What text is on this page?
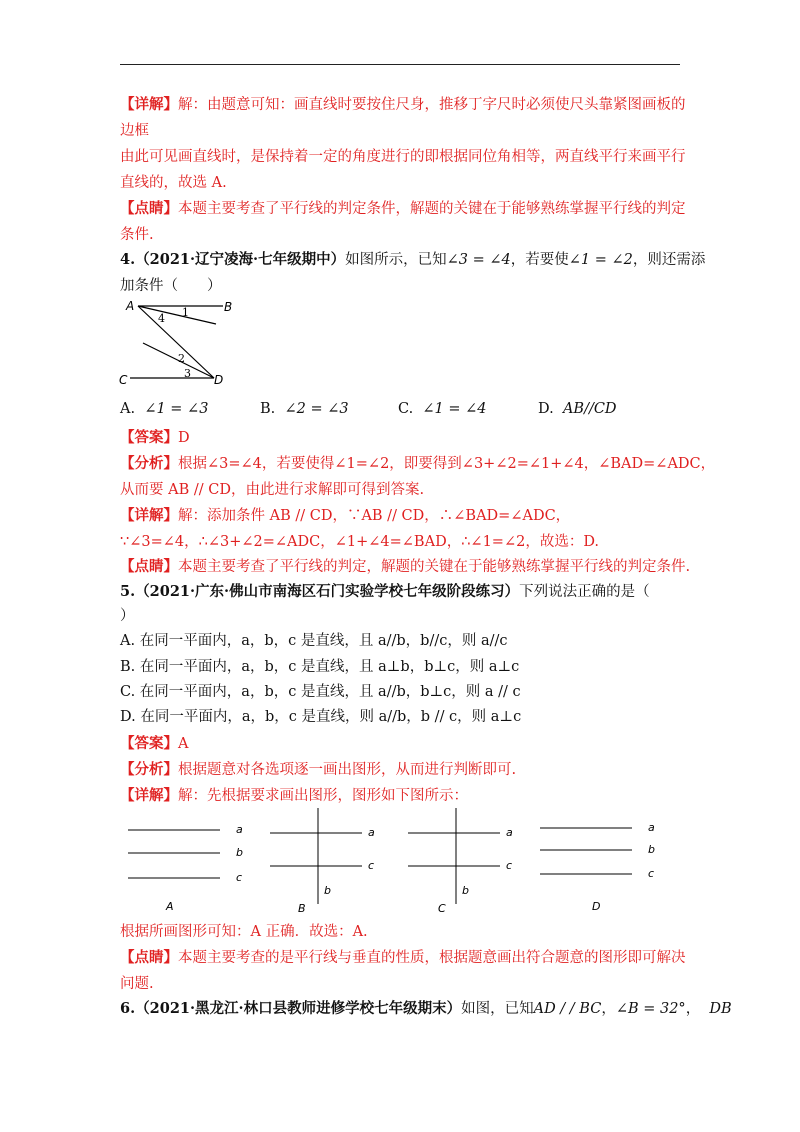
【详解】解：由题意可知：画直线时要按住尺身，推移丁字尺时必须使尺头靠紧图画板的
边框
由此可见画直线时，是保持着一定的角度进行的即根据同位角相等，两直线平行来画平行
直线的，故选 A.
【点睛】本题主要考查了平行线的判定条件，解题的关键在于能够熟练掌握平行线的判定
条件.
4.（2021·辽宁凌海·七年级期中）如图所示，已知∠3 = ∠4，若要使∠1 = ∠2，则还需添
加条件（　　）
A	B
C	D
1
4
2
3
A. ∠1 = ∠3	B. ∠2 = ∠3	C. ∠1 = ∠4	D. AB//CD
【答案】D
【分析】根据∠3=∠4，若要使得∠1=∠2，即要得到∠3+∠2=∠1+∠4，∠BAD=∠ADC，
从而要 AB // CD，由此进行求解即可得到答案.
【详解】解：添加条件 AB // CD，∵AB // CD，∴∠BAD=∠ADC，
∵∠3=∠4，∴∠3+∠2=∠ADC，∠1+∠4=∠BAD，∴∠1=∠2，故选：D.
【点睛】本题主要考查了平行线的判定，解题的关键在于能够熟练掌握平行线的判定条件.
5.（2021·广东·佛山市南海区石门实验学校七年级阶段练习）下列说法正确的是（
）
A. 在同一平面内，a，b，c 是直线，且 a//b，b//c，则 a//c
B. 在同一平面内，a，b，c 是直线，且 a⊥b，b⊥c，则 a⊥c
C. 在同一平面内，a，b，c 是直线，且 a//b，b⊥c，则 a // c
D. 在同一平面内，a，b，c 是直线，则 a//b，b // c，则 a⊥c
【答案】A
【分析】根据题意对各选项逐一画出图形，从而进行判断即可.
【详解】解：先根据要求画出图形，图形如下图所示：
a
b
c
A
a
c
b
B
a
c
b
C
a
b
c
D
根据所画图形可知：A 正确．故选：A.
【点睛】本题主要考查的是平行线与垂直的性质，根据题意画出符合题意的图形即可解决
问题.
6.（2021·黑龙江·林口县教师进修学校七年级期末）如图，已知AD / / BC，∠B = 32°， DB
